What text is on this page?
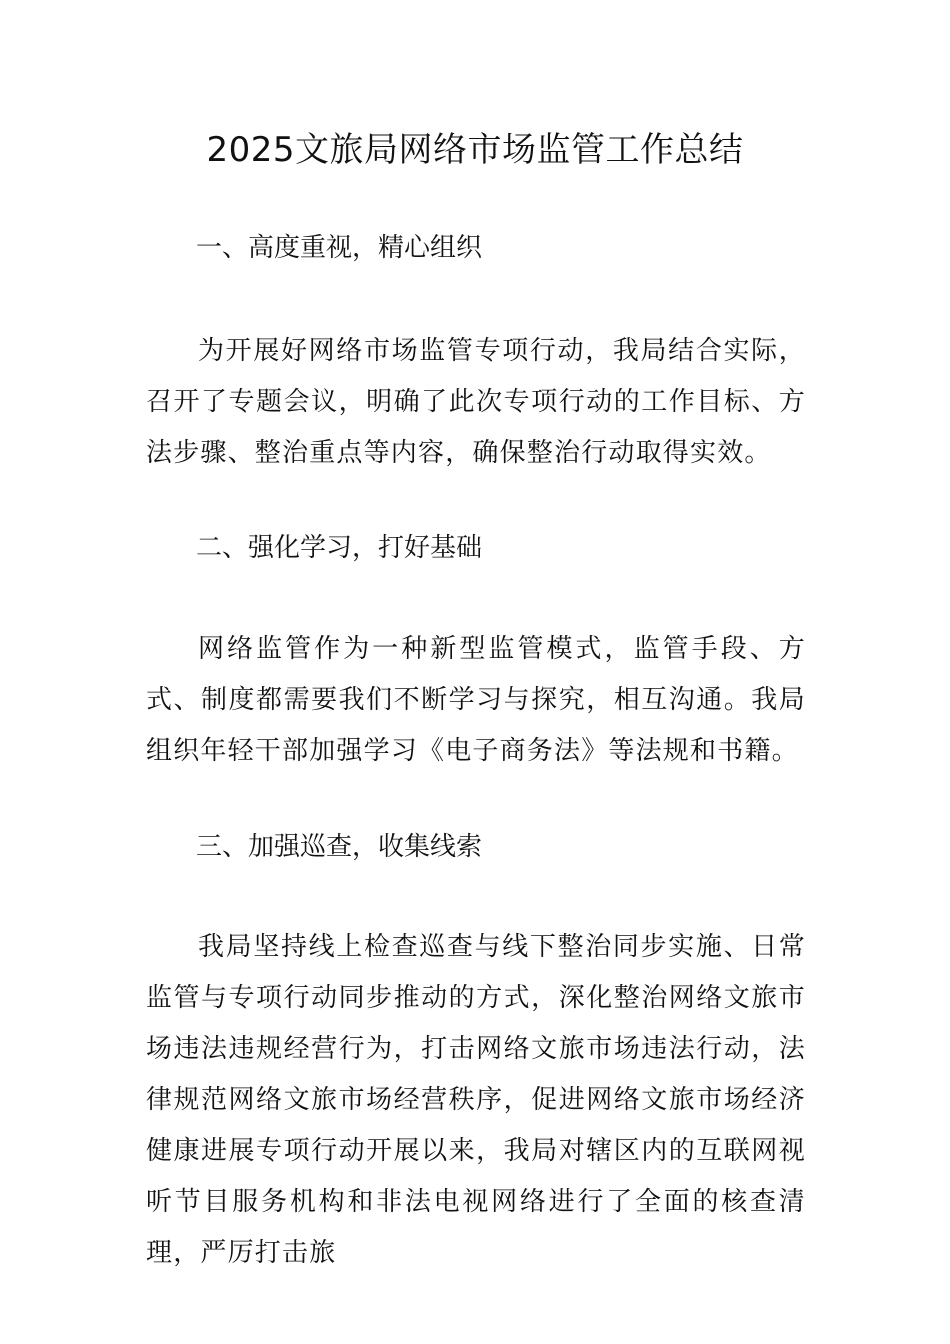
2025文旅局网络市场监管工作总结
一、高度重视，精心组织

为开展好网络市场监管专项行动，我局结合实际，召开了专题会议，明确了此次专项行动的工作目标、方法步骤、整治重点等内容，确保整治行动取得实效。

二、强化学习，打好基础

网络监管作为一种新型监管模式，监管手段、方式、制度都需要我们不断学习与探究，相互沟通。我局组织年轻干部加强学习《电子商务法》等法规和书籍。

三、加强巡查，收集线索

我局坚持线上检查巡查与线下整治同步实施、日常监管与专项行动同步推动的方式，深化整治网络文旅市场违法违规经营行为，打击网络文旅市场违法行动，法律规范网络文旅市场经营秩序，促进网络文旅市场经济健康进展专项行动开展以来，我局对辖区内的互联网视听节目服务机构和非法电视网络进行了全面的核查清理，严厉打击旅
